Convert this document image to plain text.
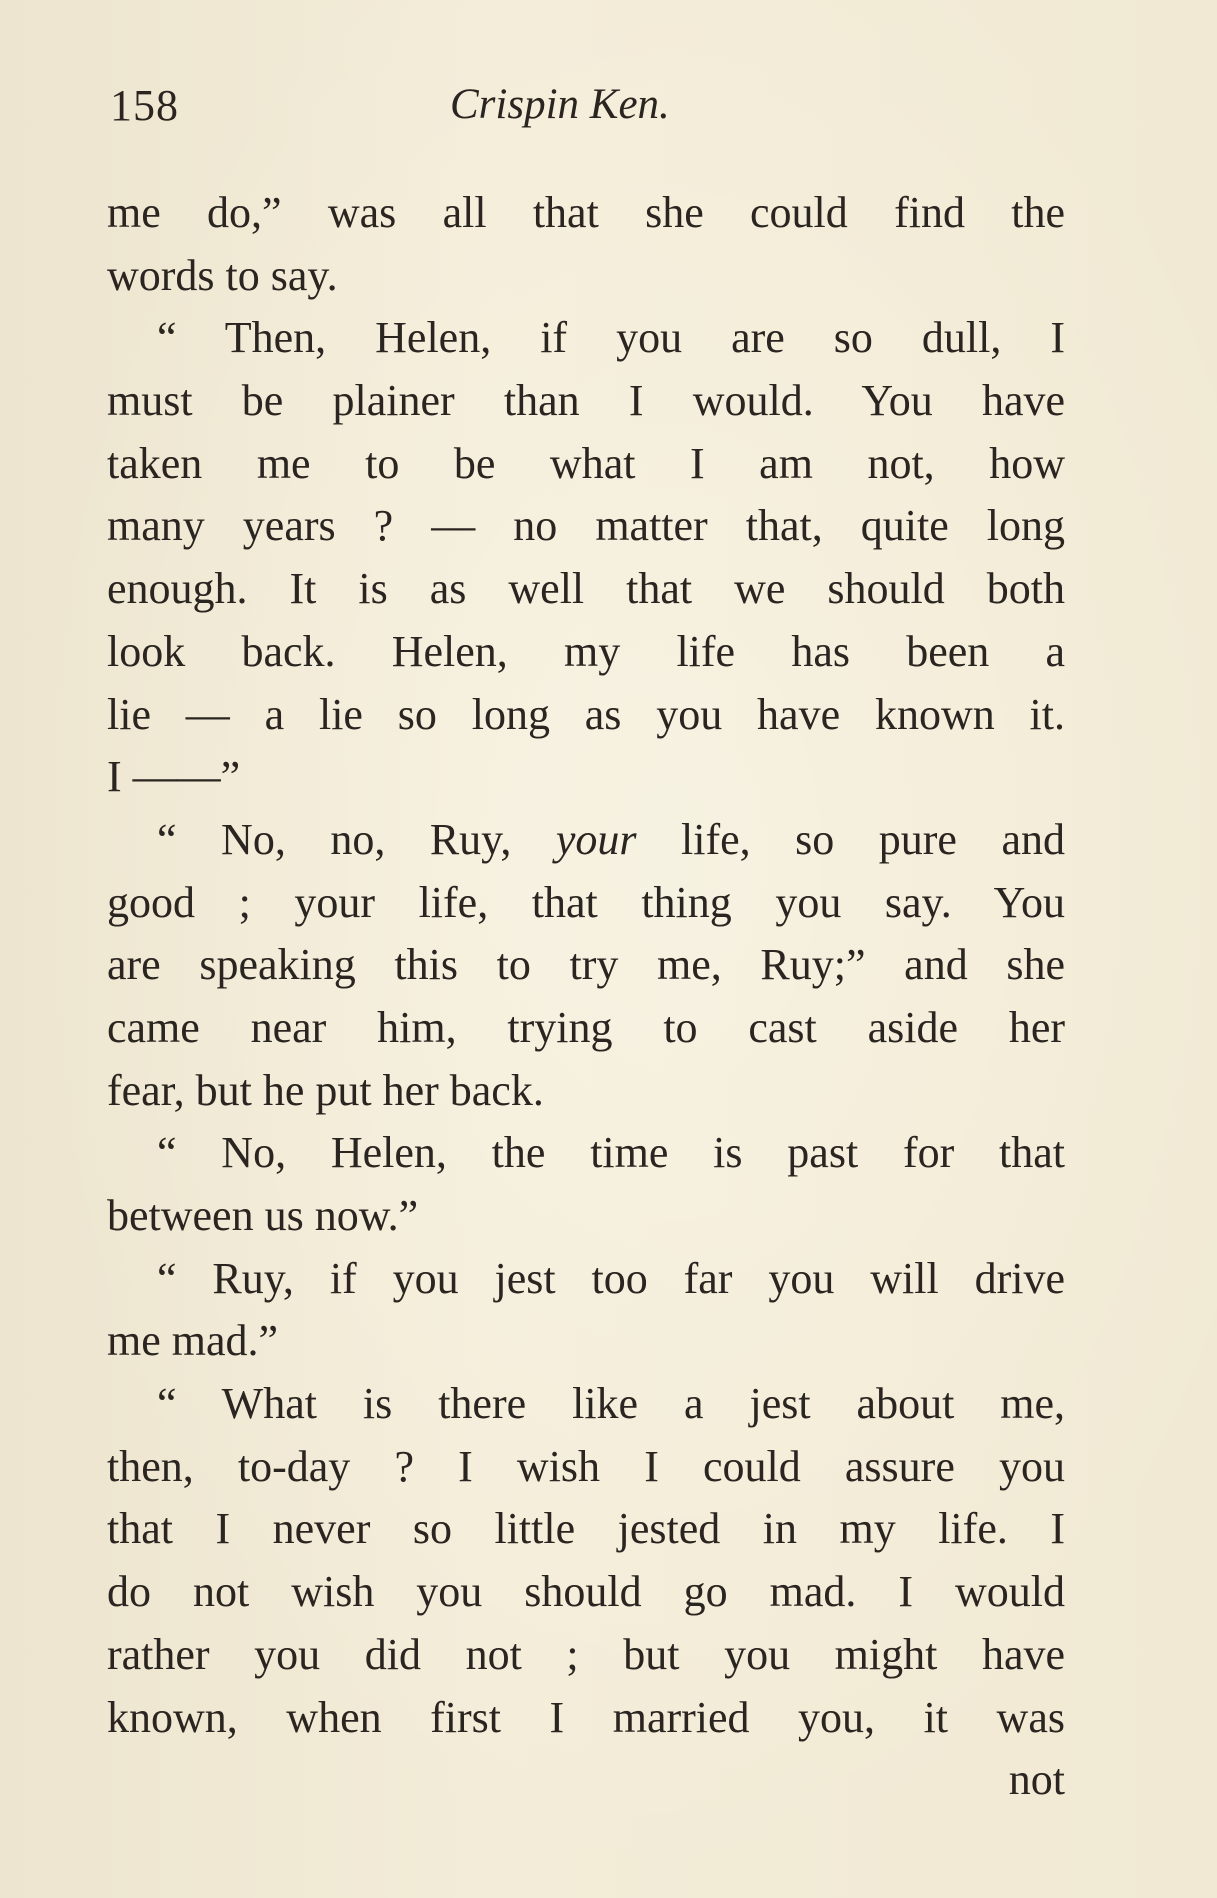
158	Crispin Ken.
me do,” was all that she could find the
words to say.
“ Then, Helen, if you are so dull, I
must be plainer than I would. You have
taken me to be what I am not, how
many years ? — no matter that, quite long
enough. It is as well that we should both
look back. Helen, my life has been a
lie — a lie so long as you have known it.
I ——”
“ No, no, Ruy, your life, so pure and
good ; your life, that thing you say. You
are speaking this to try me, Ruy;” and she
came near him, trying to cast aside her
fear, but he put her back.
“ No, Helen, the time is past for that
between us now.”
“ Ruy, if you jest too far you will drive
me mad.”
“ What is there like a jest about me,
then, to-day ? I wish I could assure you
that I never so little jested in my life. I
do not wish you should go mad. I would
rather you did not ; but you might have
known, when first I married you, it was
not
